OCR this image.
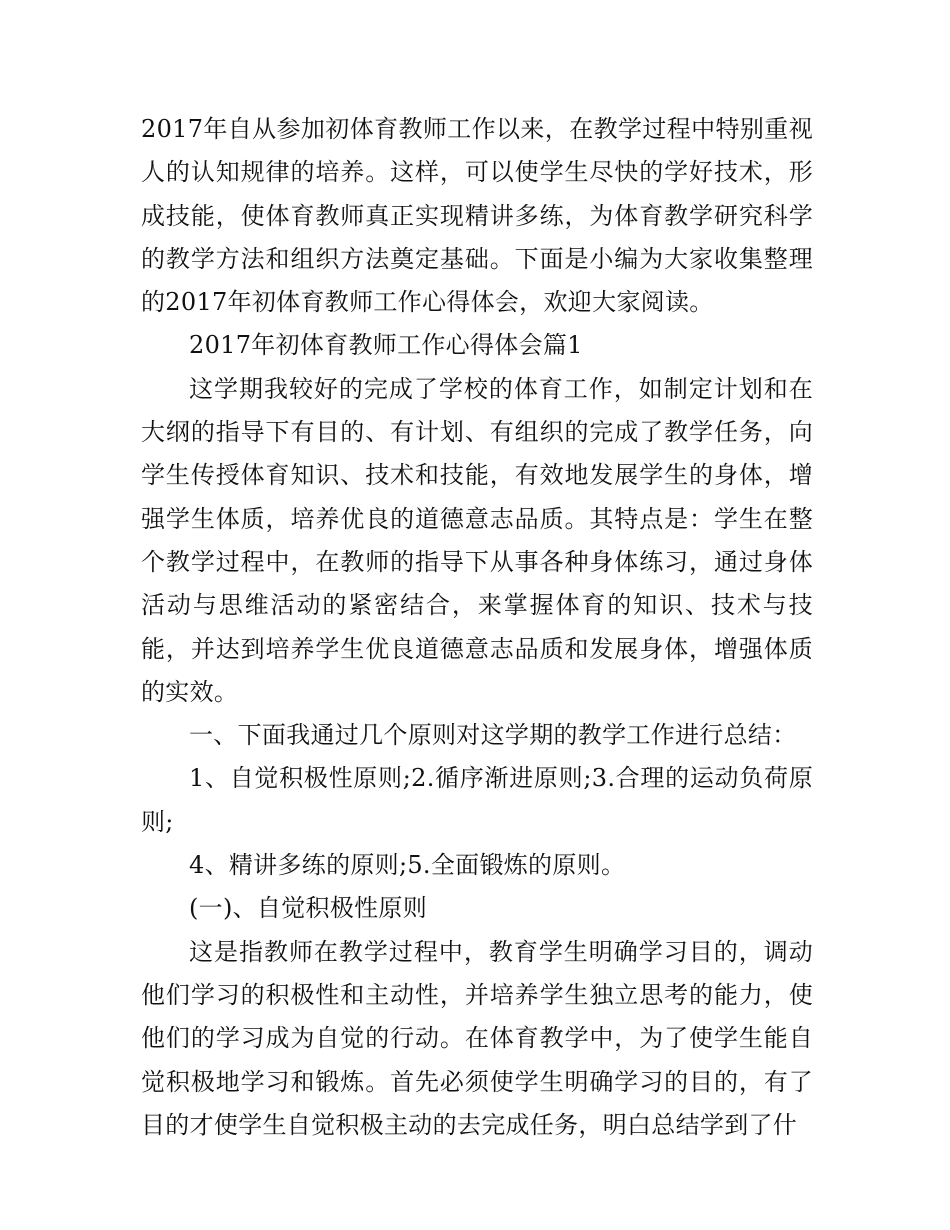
2017年自从参加初体育教师工作以来，在教学过程中特别重视人的认知规律的培养。这样，可以使学生尽快的学好技术，形成技能，使体育教师真正实现精讲多练，为体育教学研究科学的教学方法和组织方法奠定基础。下面是小编为大家收集整理的2017年初体育教师工作心得体会，欢迎大家阅读。

2017年初体育教师工作心得体会篇1

这学期我较好的完成了学校的体育工作，如制定计划和在大纲的指导下有目的、有计划、有组织的完成了教学任务，向学生传授体育知识、技术和技能，有效地发展学生的身体，增强学生体质，培养优良的道德意志品质。其特点是：学生在整个教学过程中，在教师的指导下从事各种身体练习，通过身体活动与思维活动的紧密结合，来掌握体育的知识、技术与技能，并达到培养学生优良道德意志品质和发展身体，增强体质的实效。

一、下面我通过几个原则对这学期的教学工作进行总结：

1、自觉积极性原则;2.循序渐进原则;3.合理的运动负荷原则;

4、精讲多练的原则;5.全面锻炼的原则。

(一)、自觉积极性原则

这是指教师在教学过程中，教育学生明确学习目的，调动他们学习的积极性和主动性，并培养学生独立思考的能力，使他们的学习成为自觉的行动。在体育教学中，为了使学生能自觉积极地学习和锻炼。首先必须使学生明确学习的目的，有了目的才使学生自觉积极主动的去完成任务，明白总结学到了什
